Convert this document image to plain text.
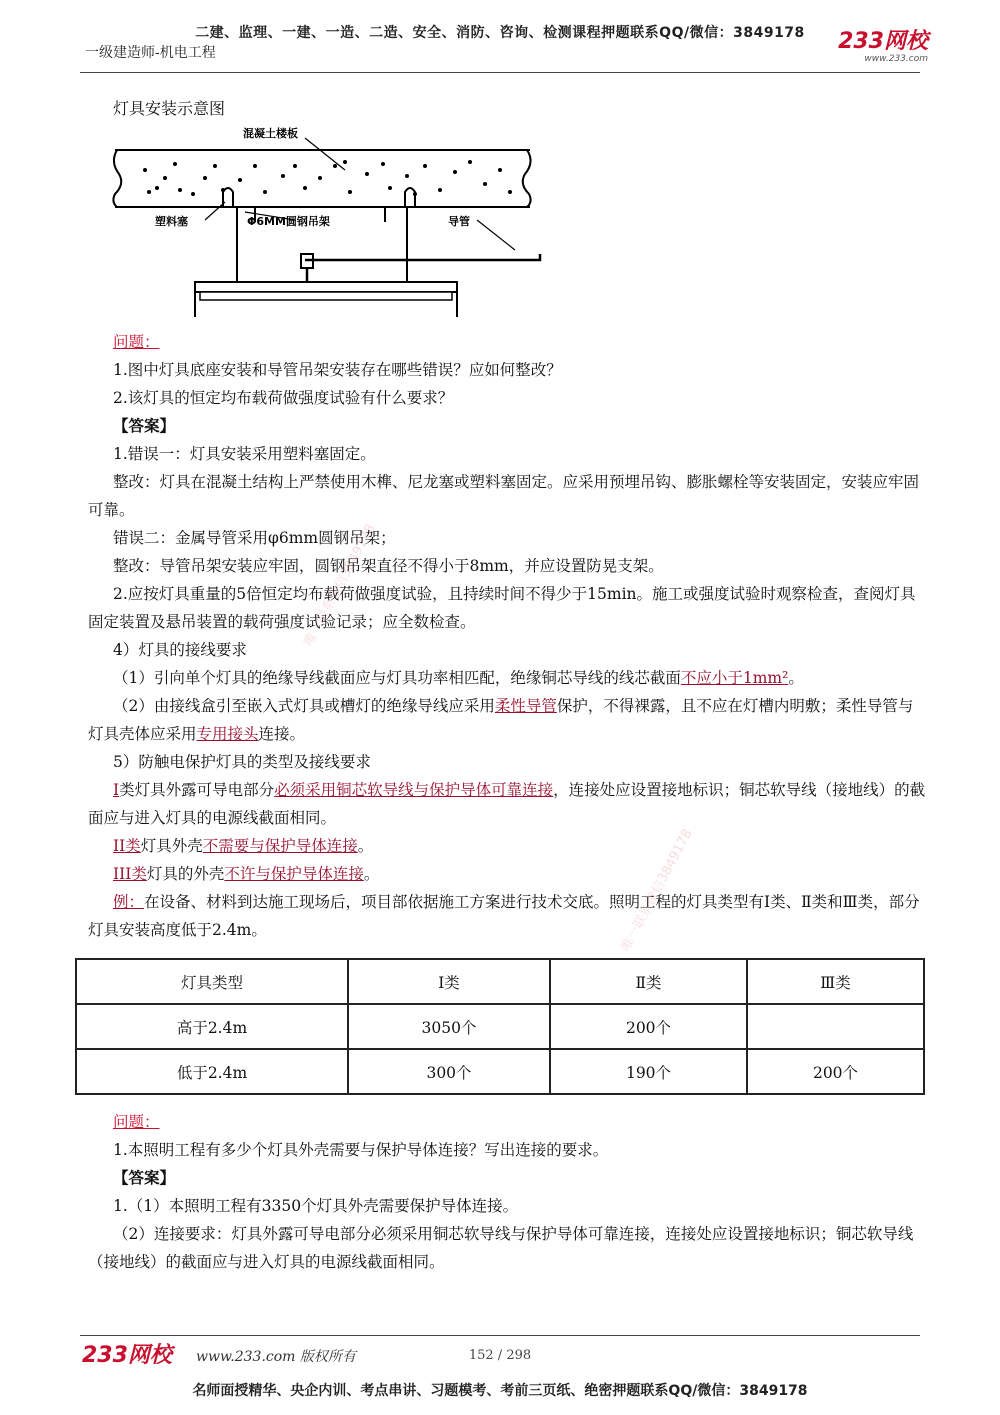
二建、监理、一建、一造、二造、安全、消防、咨询、检测课程押题联系QQ/微信：3849178
一级建造师-机电工程	233网校
www.233.com
灯具安装示意图
混凝土楼板
塑料塞	Φ6MM圆钢吊架	导管
问题：
1.图中灯具底座安装和导管吊架安装存在哪些错误？应如何整改？
2.该灯具的恒定均布载荷做强度试验有什么要求？
【答案】
1.错误一：灯具安装采用塑料塞固定。
整改：灯具在混凝土结构上严禁使用木榫、尼龙塞或塑料塞固定。应采用预埋吊钩、膨胀螺栓等安装固定，安装应牢固可靠。
错误二：金属导管采用φ6mm圆钢吊架；
整改：导管吊架安装应牢固，圆钢吊架直径不得小于8mm，并应设置防晃支架。
2.应按灯具重量的5倍恒定均布载荷做强度试验，且持续时间不得少于15min。施工或强度试验时观察检查，查阅灯具固定装置及悬吊装置的载荷强度试验记录；应全数检查。
4）灯具的接线要求
（1）引向单个灯具的绝缘导线截面应与灯具功率相匹配，绝缘铜芯导线的线芯截面不应小于1mm²。
（2）由接线盒引至嵌入式灯具或槽灯的绝缘导线应采用柔性导管保护，不得裸露，且不应在灯槽内明敷；柔性导管与灯具壳体应采用专用接头连接。
5）防触电保护灯具的类型及接线要求
I类灯具外露可导电部分必须采用铜芯软导线与保护导体可靠连接，连接处应设置接地标识；铜芯软导线（接地线）的截面应与进入灯具的电源线截面相同。
II类灯具外壳不需要与保护导体连接。
III类灯具的外壳不许与保护导体连接。
例：在设备、材料到达施工现场后，项目部依据施工方案进行技术交底。照明工程的灯具类型有Ⅰ类、Ⅱ类和Ⅲ类，部分灯具安装高度低于2.4m。
灯具类型	Ⅰ类	Ⅱ类	Ⅲ类
高于2.4m	3050个	200个	
低于2.4m	300个	190个	200个
问题：
1.本照明工程有多少个灯具外壳需要与保护导体连接？写出连接的要求。
【答案】
1.（1）本照明工程有3350个灯具外壳需要保护导体连接。
（2）连接要求：灯具外露可导电部分必须采用铜芯软导线与保护导体可靠连接，连接处应设置接地标识；铜芯软导线（接地线）的截面应与进入灯具的电源线截面相同。
唯一联系微信3849178
唯一联系微信3849178
233网校 www.233.com 版权所有	152 / 298
名师面授精华、央企内训、考点串讲、习题模考、考前三页纸、绝密押题联系QQ/微信：3849178
